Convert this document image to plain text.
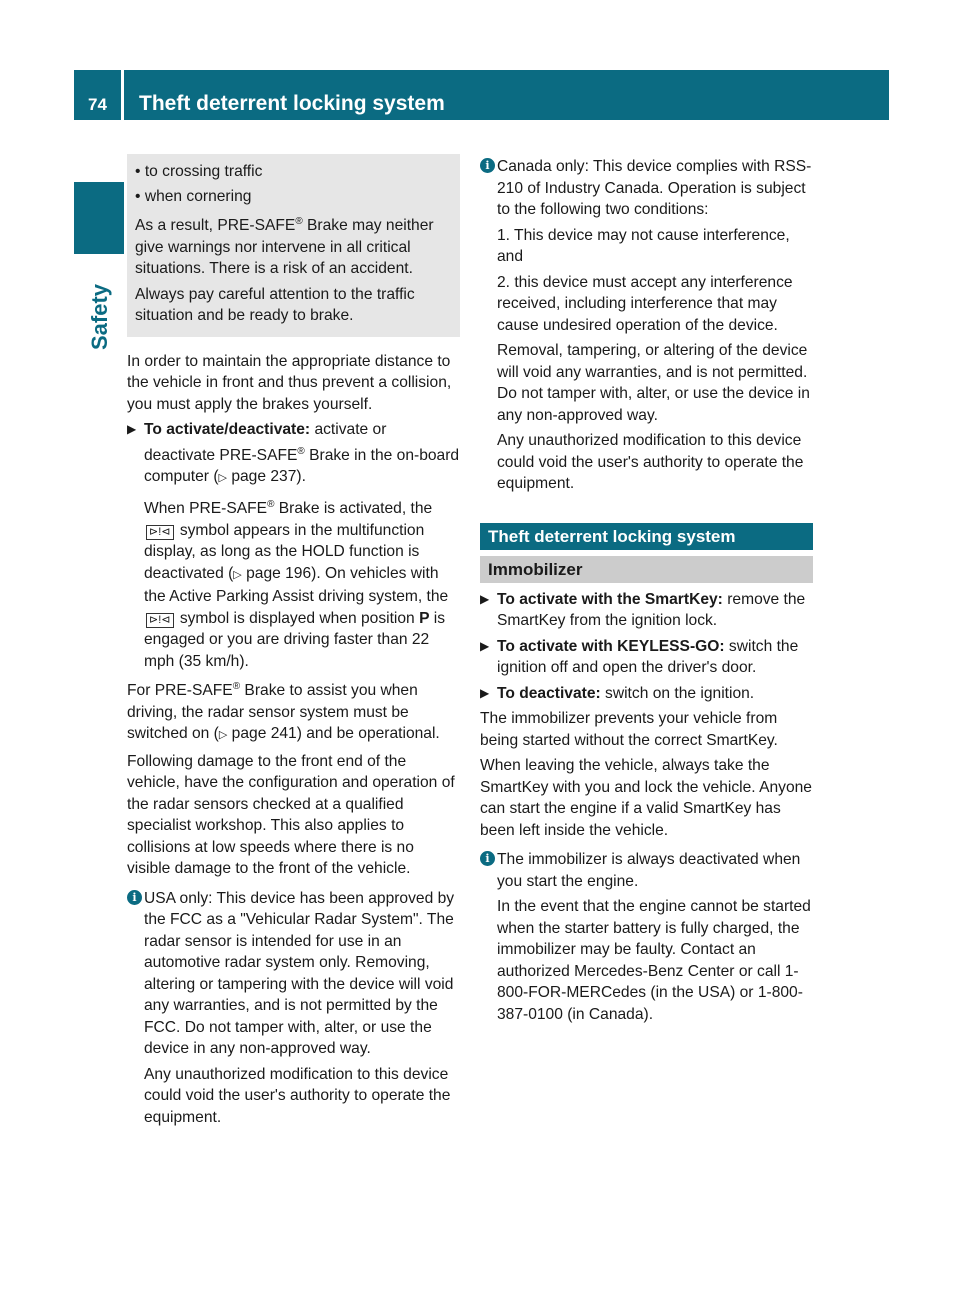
74	Theft deterrent locking system
Safety
• to crossing traffic
• when cornering

As a result, PRE-SAFE® Brake may neither give warnings nor intervene in all critical situations. There is a risk of an accident.

Always pay careful attention to the traffic situation and be ready to brake.

In order to maintain the appropriate distance to the vehicle in front and thus prevent a collision, you must apply the brakes yourself.

▶ To activate/deactivate: activate or deactivate PRE-SAFE® Brake in the on-board computer (▷ page 237).
When PRE-SAFE® Brake is activated, the ⊳!⊲ symbol appears in the multifunction display, as long as the HOLD function is deactivated (▷ page 196). On vehicles with the Active Parking Assist driving system, the ⊳!⊲ symbol is displayed when position P is engaged or you are driving faster than 22 mph (35 km/h).

For PRE-SAFE® Brake to assist you when driving, the radar sensor system must be switched on (▷ page 241) and be operational.

Following damage to the front end of the vehicle, have the configuration and operation of the radar sensors checked at a qualified specialist workshop. This also applies to collisions at low speeds where there is no visible damage to the front of the vehicle.

i USA only: This device has been approved by the FCC as a "Vehicular Radar System". The radar sensor is intended for use in an automotive radar system only. Removing, altering or tampering with the device will void any warranties, and is not permitted by the FCC. Do not tamper with, alter, or use the device in any non-approved way.
Any unauthorized modification to this device could void the user's authority to operate the equipment.
i Canada only: This device complies with RSS-210 of Industry Canada. Operation is subject to the following two conditions:
1. This device may not cause interference, and
2. this device must accept any interference received, including interference that may cause undesired operation of the device.
Removal, tampering, or altering of the device will void any warranties, and is not permitted. Do not tamper with, alter, or use the device in any non-approved way.
Any unauthorized modification to this device could void the user's authority to operate the equipment.
Theft deterrent locking system
Immobilizer
▶ To activate with the SmartKey: remove the SmartKey from the ignition lock.
▶ To activate with KEYLESS-GO: switch the ignition off and open the driver's door.
▶ To deactivate: switch on the ignition.

The immobilizer prevents your vehicle from being started without the correct SmartKey.

When leaving the vehicle, always take the SmartKey with you and lock the vehicle. Anyone can start the engine if a valid SmartKey has been left inside the vehicle.

i The immobilizer is always deactivated when you start the engine.
In the event that the engine cannot be started when the starter battery is fully charged, the immobilizer may be faulty. Contact an authorized Mercedes-Benz Center or call 1-800-FOR-MERCedes (in the USA) or 1-800-387-0100 (in Canada).
